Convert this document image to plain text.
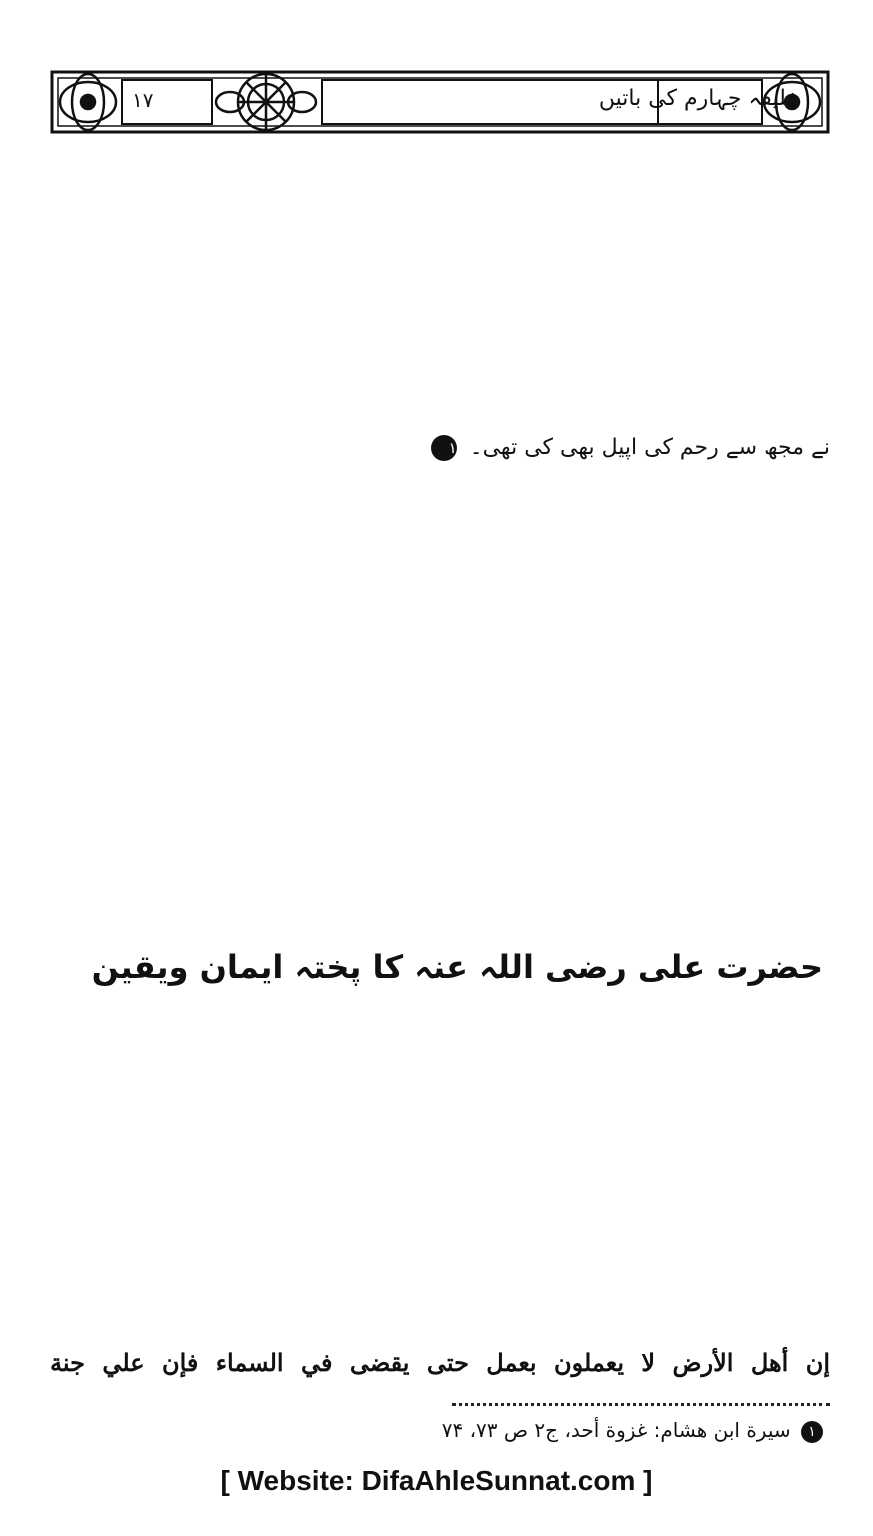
خلیفہ چہارم کی باتیں
۱۷
نے مجھ سے رحم کی اپیل بھی کی تھی۔ ۱
حضرت علی رضی اللہ عنہ کا پختہ ایمان ویقین
إن أهل الأرض لا يعملون بعمل حتى يقضى في السماء فإن علي جنة
۱ سیرة ابن هشام: غزوة أحد، ج۲ ص ۷۳، ۷۴
[ Website: DifaAhleSunnat.com ]
